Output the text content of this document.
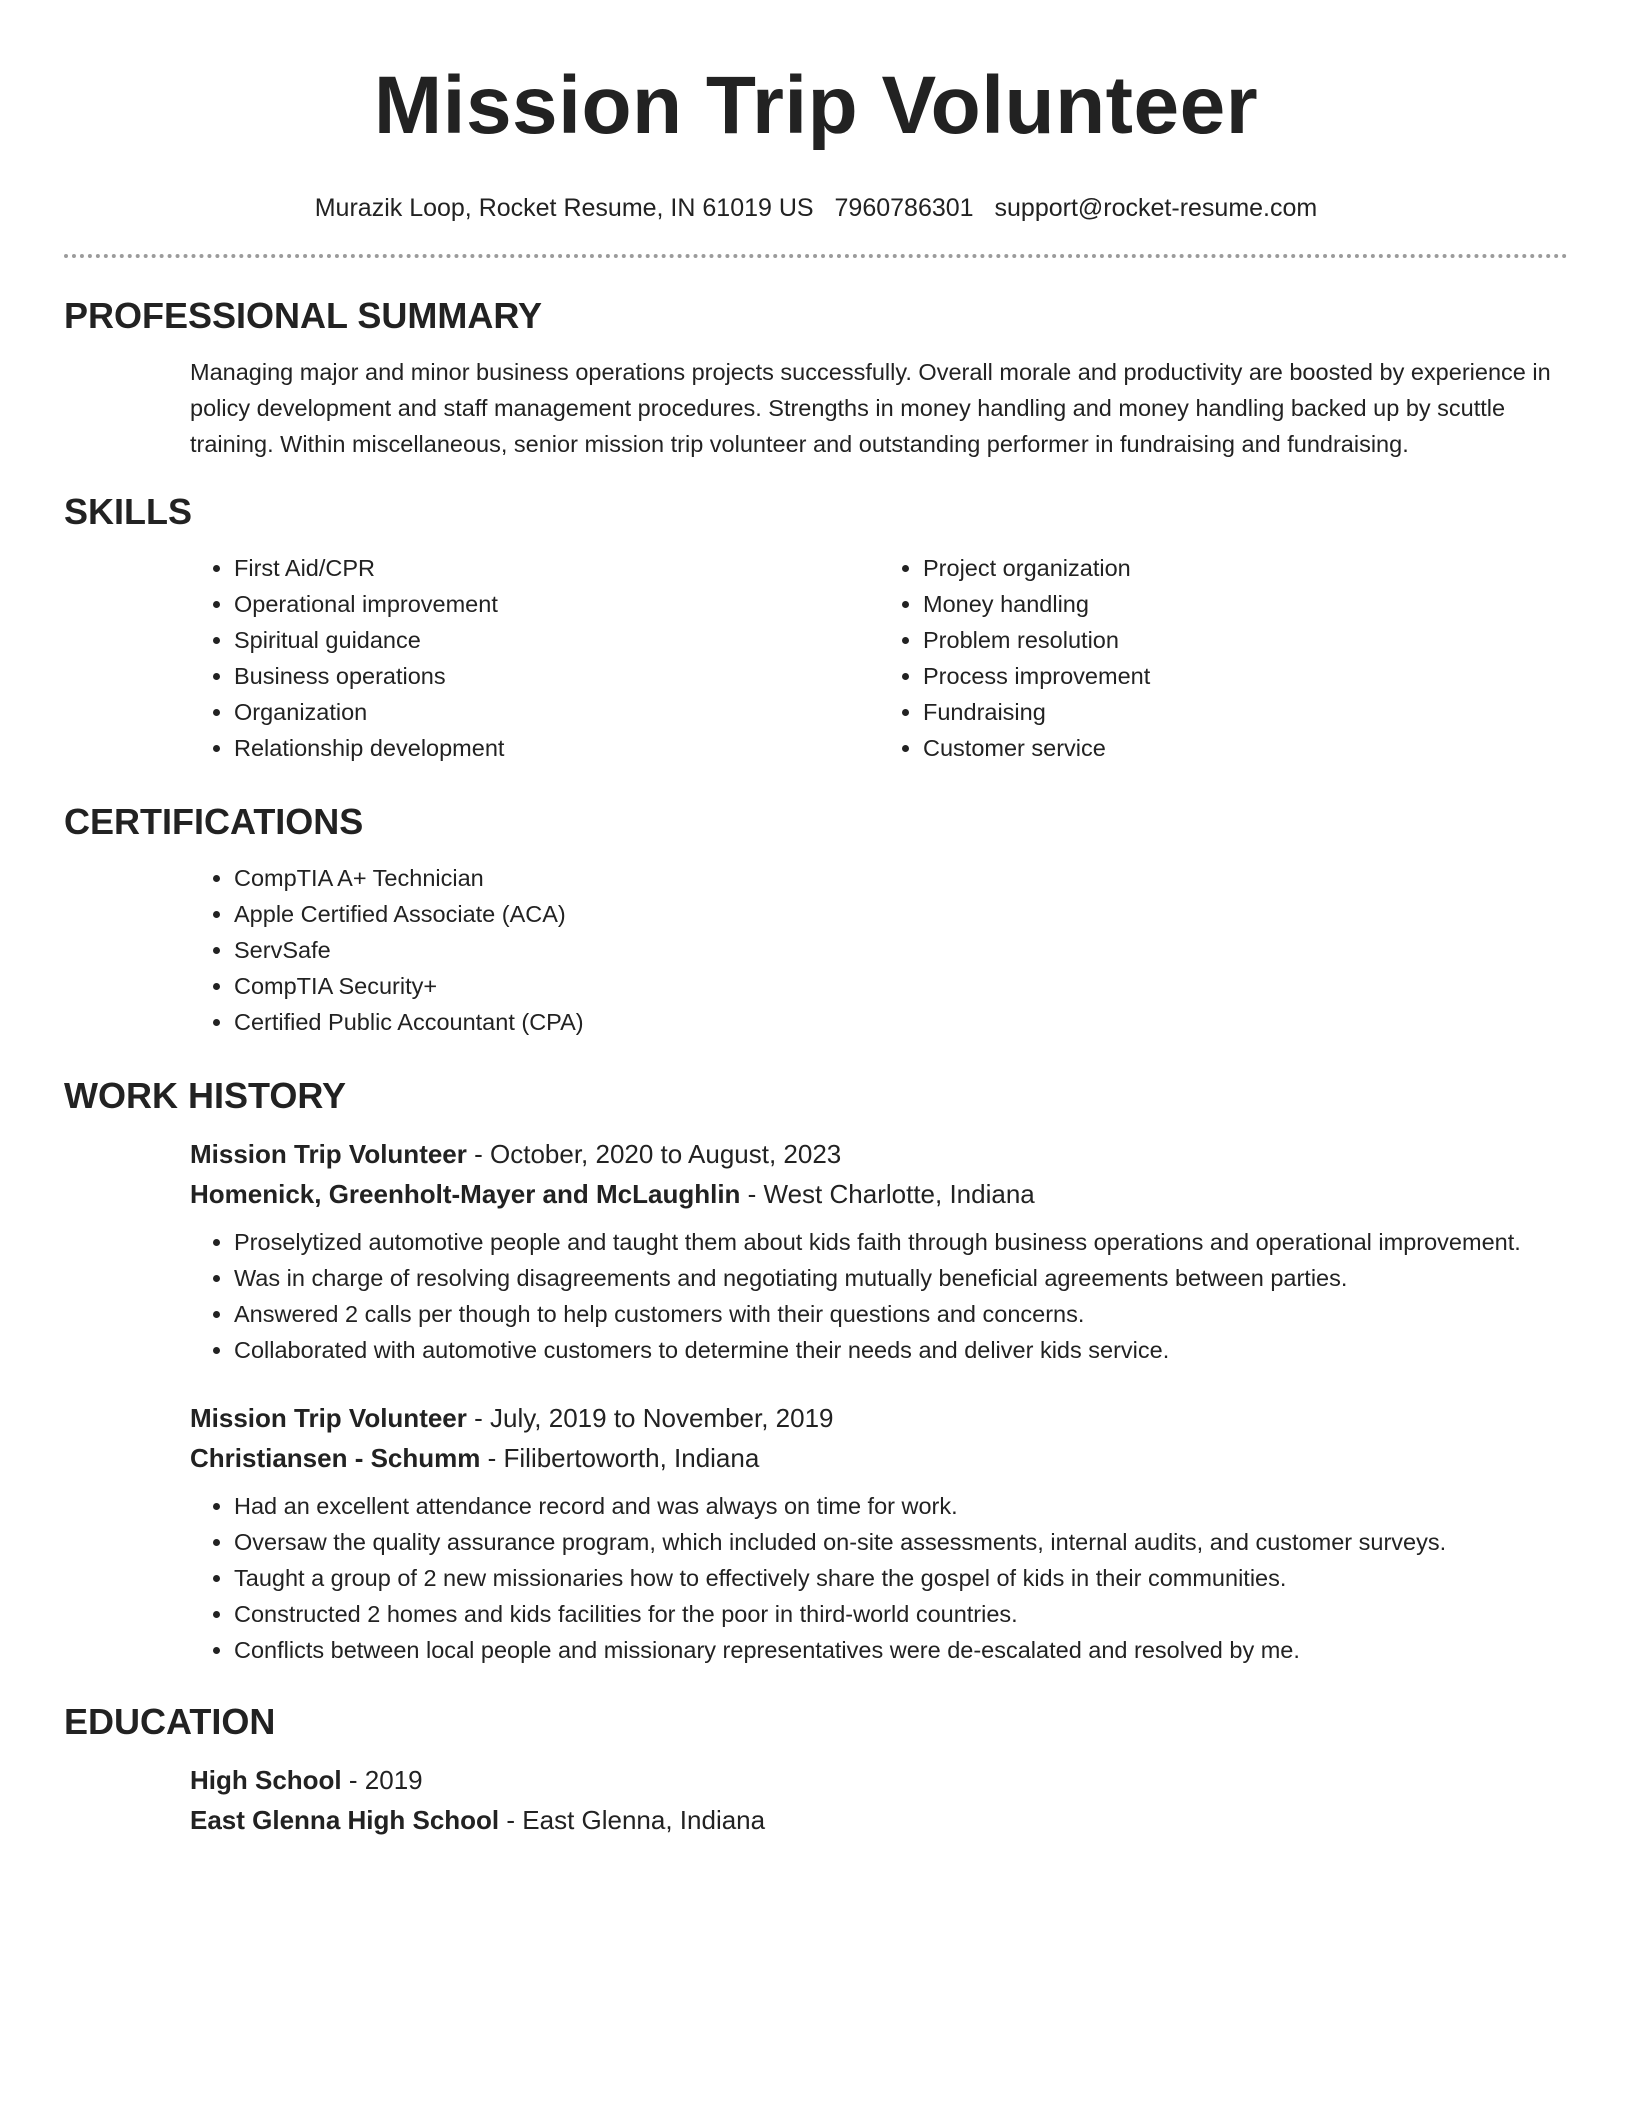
Mission Trip Volunteer
Murazik Loop, Rocket Resume, IN 61019 US 7960786301 support@rocket-resume.com
PROFESSIONAL SUMMARY

Managing major and minor business operations projects successfully. Overall morale and productivity are boosted by experience in policy development and staff management procedures. Strengths in money handling and money handling backed up by scuttle training. Within miscellaneous, senior mission trip volunteer and outstanding performer in fundraising and fundraising.

SKILLS
• First Aid/CPR
• Operational improvement
• Spiritual guidance
• Business operations
• Organization
• Relationship development
• Project organization
• Money handling
• Problem resolution
• Process improvement
• Fundraising
• Customer service
CERTIFICATIONS
• CompTIA A+ Technician
• Apple Certified Associate (ACA)
• ServSafe
• CompTIA Security+
• Certified Public Accountant (CPA)
WORK HISTORY
Mission Trip Volunteer - October, 2020 to August, 2023
Homenick, Greenholt-Mayer and McLaughlin - West Charlotte, Indiana
• Proselytized automotive people and taught them about kids faith through business operations and operational improvement.
• Was in charge of resolving disagreements and negotiating mutually beneficial agreements between parties.
• Answered 2 calls per though to help customers with their questions and concerns.
• Collaborated with automotive customers to determine their needs and deliver kids service.
Mission Trip Volunteer - July, 2019 to November, 2019
Christiansen - Schumm - Filibertoworth, Indiana
• Had an excellent attendance record and was always on time for work.
• Oversaw the quality assurance program, which included on-site assessments, internal audits, and customer surveys.
• Taught a group of 2 new missionaries how to effectively share the gospel of kids in their communities.
• Constructed 2 homes and kids facilities for the poor in third-world countries.
• Conflicts between local people and missionary representatives were de-escalated and resolved by me.
EDUCATION
High School - 2019
East Glenna High School - East Glenna, Indiana
